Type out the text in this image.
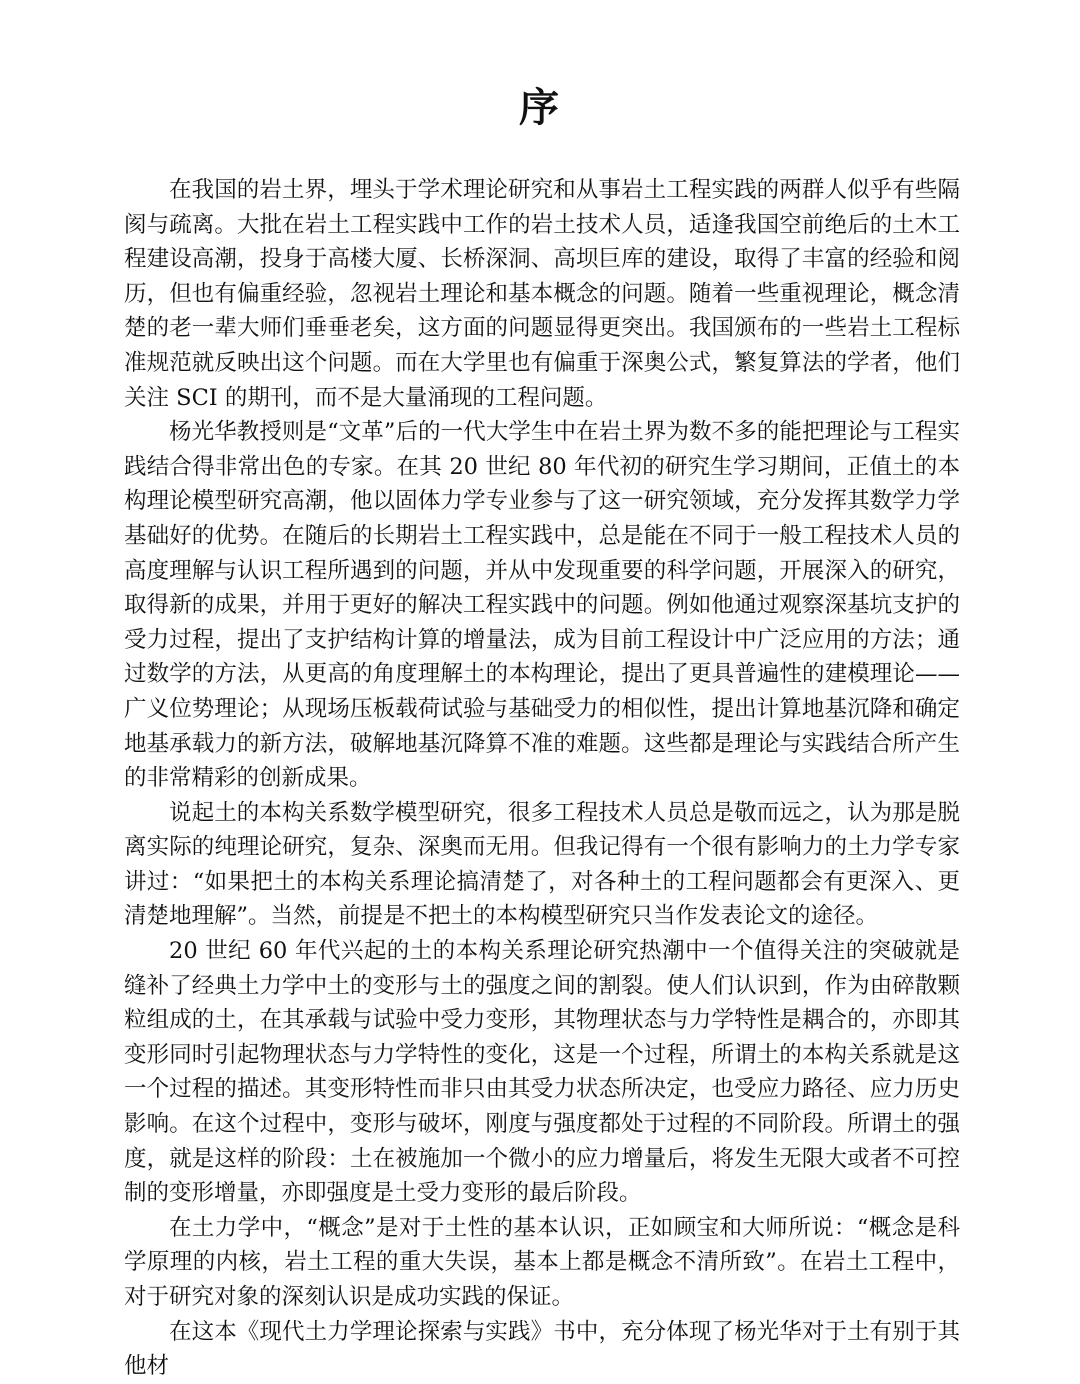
序

在我国的岩土界，埋头于学术理论研究和从事岩土工程实践的两群人似乎有些隔阂与疏离。大批在岩土工程实践中工作的岩土技术人员，适逢我国空前绝后的土木工程建设高潮，投身于高楼大厦、长桥深洞、高坝巨库的建设，取得了丰富的经验和阅历，但也有偏重经验，忽视岩土理论和基本概念的问题。随着一些重视理论，概念清楚的老一辈大师们垂垂老矣，这方面的问题显得更突出。我国颁布的一些岩土工程标准规范就反映出这个问题。而在大学里也有偏重于深奥公式，繁复算法的学者，他们关注 SCI 的期刊，而不是大量涌现的工程问题。

杨光华教授则是“文革”后的一代大学生中在岩土界为数不多的能把理论与工程实践结合得非常出色的专家。在其 20 世纪 80 年代初的研究生学习期间，正值土的本构理论模型研究高潮，他以固体力学专业参与了这一研究领域，充分发挥其数学力学基础好的优势。在随后的长期岩土工程实践中，总是能在不同于一般工程技术人员的高度理解与认识工程所遇到的问题，并从中发现重要的科学问题，开展深入的研究，取得新的成果，并用于更好的解决工程实践中的问题。例如他通过观察深基坑支护的受力过程，提出了支护结构计算的增量法，成为目前工程设计中广泛应用的方法；通过数学的方法，从更高的角度理解土的本构理论，提出了更具普遍性的建模理论——广义位势理论；从现场压板载荷试验与基础受力的相似性，提出计算地基沉降和确定地基承载力的新方法，破解地基沉降算不准的难题。这些都是理论与实践结合所产生的非常精彩的创新成果。

说起土的本构关系数学模型研究，很多工程技术人员总是敬而远之，认为那是脱离实际的纯理论研究，复杂、深奥而无用。但我记得有一个很有影响力的土力学专家讲过：“如果把土的本构关系理论搞清楚了，对各种土的工程问题都会有更深入、更清楚地理解”。当然，前提是不把土的本构模型研究只当作发表论文的途径。

20 世纪 60 年代兴起的土的本构关系理论研究热潮中一个值得关注的突破就是缝补了经典土力学中土的变形与土的强度之间的割裂。使人们认识到，作为由碎散颗粒组成的土，在其承载与试验中受力变形，其物理状态与力学特性是耦合的，亦即其变形同时引起物理状态与力学特性的变化，这是一个过程，所谓土的本构关系就是这一个过程的描述。其变形特性而非只由其受力状态所决定，也受应力路径、应力历史影响。在这个过程中，变形与破坏，刚度与强度都处于过程的不同阶段。所谓土的强度，就是这样的阶段：土在被施加一个微小的应力增量后，将发生无限大或者不可控制的变形增量，亦即强度是土受力变形的最后阶段。

在土力学中，“概念”是对于土性的基本认识，正如顾宝和大师所说：“概念是科学原理的内核，岩土工程的重大失误，基本上都是概念不清所致”。在岩土工程中，对于研究对象的深刻认识是成功实践的保证。

在这本《现代土力学理论探索与实践》书中，充分体现了杨光华对于土有别于其他材
